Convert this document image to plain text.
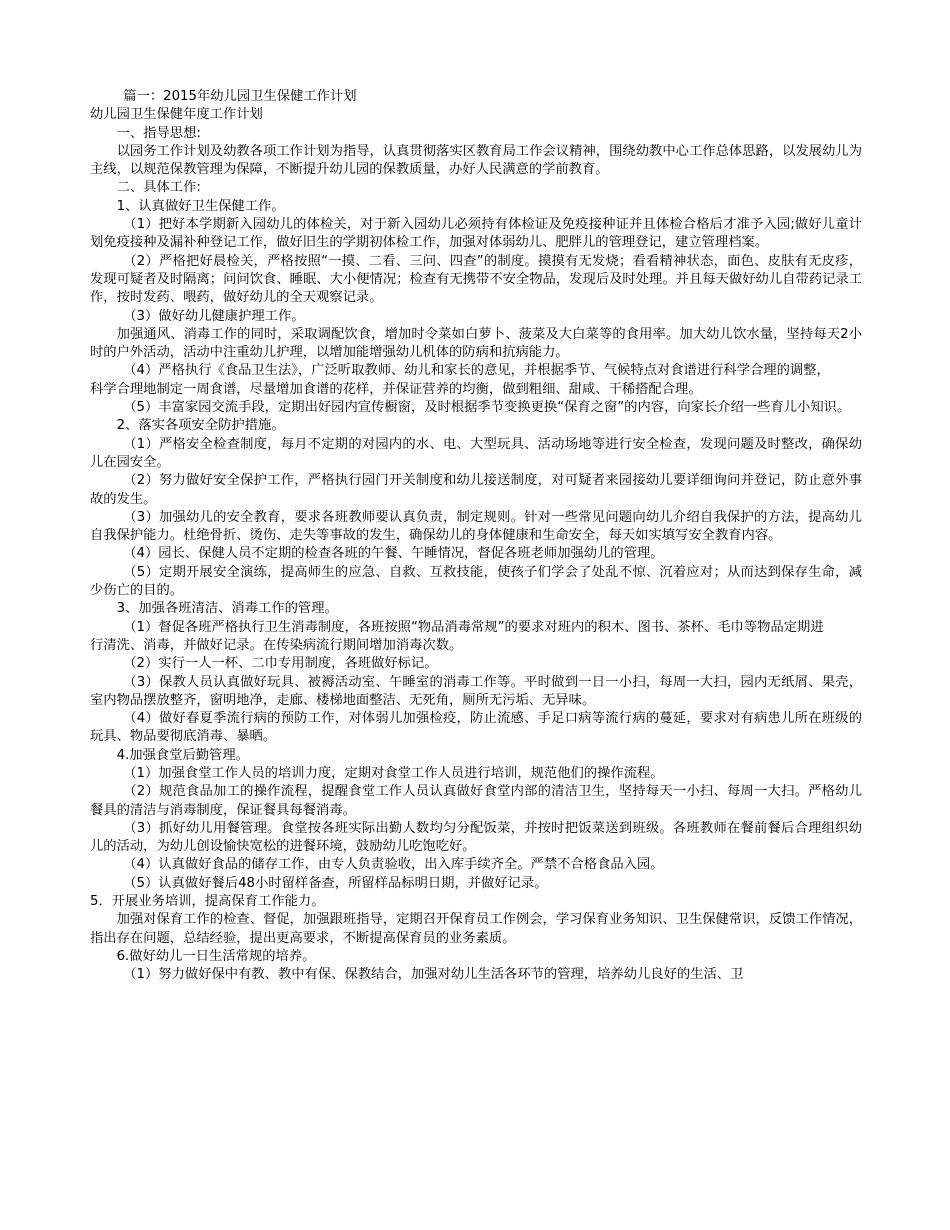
篇一：2015年幼儿园卫生保健工作计划

幼儿园卫生保健年度工作计划

一、指导思想:

以园务工作计划及幼教各项工作计划为指导，认真贯彻落实区教育局工作会议精神，围绕幼教中心工作总体思路，以发展幼儿为主线，以规范保教管理为保障，不断提升幼儿园的保教质量，办好人民满意的学前教育。

二、具体工作:

1、认真做好卫生保健工作。

（1）把好本学期新入园幼儿的体检关，对于新入园幼儿必须持有体检证及免疫接种证并且体检合格后才准予入园;做好儿童计划免疫接种及漏补种登记工作，做好旧生的学期初体检工作，加强对体弱幼儿、肥胖儿的管理登记，建立管理档案。

（2）严格把好晨检关，严格按照“一摸、二看、三问、四查”的制度。摸摸有无发烧；看看精神状态，面色、皮肤有无皮疹， 发现可疑者及时隔离；问问饮食、睡眠、大小便情况；检查有无携带不安全物品，发现后及时处理。并且每天做好幼儿自带药记录工作，按时发药、喂药，做好幼儿的全天观察记录。

（3）做好幼儿健康护理工作。

加强通风、消毒工作的同时，采取调配饮食，增加时令菜如白萝卜、菠菜及大白菜等的食用率。加大幼儿饮水量，坚持每天2小时的户外活动，活动中注重幼儿护理，以增加能增强幼儿机体的防病和抗病能力。

（4）严格执行《食品卫生法》，广泛听取教师、幼儿和家长的意见，并根据季节、气候特点对食谱进行科学合理的调整，

科学合理地制定一周食谱，尽量增加食谱的花样，并保证营养的均衡，做到粗细、甜咸、干稀搭配合理。

（5）丰富家园交流手段，定期出好园内宣传橱窗，及时根据季节变换更换“保育之窗”的内容，向家长介绍一些育儿小知识。

2、落实各项安全防护措施。

（1）严格安全检查制度，每月不定期的对园内的水、电、大型玩具、活动场地等进行安全检查，发现问题及时整改，确保幼儿在园安全。

（2）努力做好安全保护工作，严格执行园门开关制度和幼儿接送制度，对可疑者来园接幼儿要详细询问并登记，防止意外事故的发生。

（3）加强幼儿的安全教育，要求各班教师要认真负责，制定规则。针对一些常见问题向幼儿介绍自我保护的方法，提高幼儿自我保护能力。杜绝骨折、烫伤、走失等事故的发生，确保幼儿的身体健康和生命安全，每天如实填写安全教育内容。

（4）园长、保健人员不定期的检查各班的午餐、午睡情况，督促各班老师加强幼儿的管理。

（5）定期开展安全演练，提高师生的应急、自救、互救技能，使孩子们学会了处乱不惊、沉着应对；从而达到保存生命，减少伤亡的目的。

3、加强各班清洁、消毒工作的管理。

（1）督促各班严格执行卫生消毒制度，各班按照“物品消毒常规”的要求对班内的积木、图书、茶杯、毛巾等物品定期进

行清洗、消毒，并做好记录。在传染病流行期间增加消毒次数。

（2）实行一人一杯、二巾专用制度，各班做好标记。

（3）保教人员认真做好玩具、被褥活动室、午睡室的消毒工作等。平时做到一日一小扫，每周一大扫，园内无纸屑、果壳，室内物品摆放整齐，窗明地净，走廊、楼梯地面整洁、无死角，厕所无污垢、无异味。

（4）做好春夏季流行病的预防工作，对体弱儿加强检疫，防止流感、手足口病等流行病的蔓延，要求对有病患儿所在班级的玩具、物品要彻底消毒、暴晒。

4.加强食堂后勤管理。

（1）加强食堂工作人员的培训力度，定期对食堂工作人员进行培训，规范他们的操作流程。

（2）规范食品加工的操作流程，提醒食堂工作人员认真做好食堂内部的清洁卫生，坚持每天一小扫、每周一大扫。严格幼儿餐具的清洁与消毒制度，保证餐具每餐消毒。

（3）抓好幼儿用餐管理。食堂按各班实际出勤人数均匀分配饭菜，并按时把饭菜送到班级。各班教师在餐前餐后合理组织幼儿的活动，为幼儿创设愉快宽松的进餐环境，鼓励幼儿吃饱吃好。

（4）认真做好食品的储存工作，由专人负责验收，出入库手续齐全。严禁不合格食品入园。

（5）认真做好餐后48小时留样备查，所留样品标明日期，并做好记录。

5．开展业务培训，提高保育工作能力。

加强对保育工作的检查、督促，加强跟班指导，定期召开保育员工作例会，学习保育业务知识、卫生保健常识，反馈工作情况，指出存在问题，总结经验，提出更高要求，不断提高保育员的业务素质。

6.做好幼儿一日生活常规的培养。

（1）努力做好保中有教、教中有保、保教结合，加强对幼儿生活各环节的管理，培养幼儿良好的生活、卫
